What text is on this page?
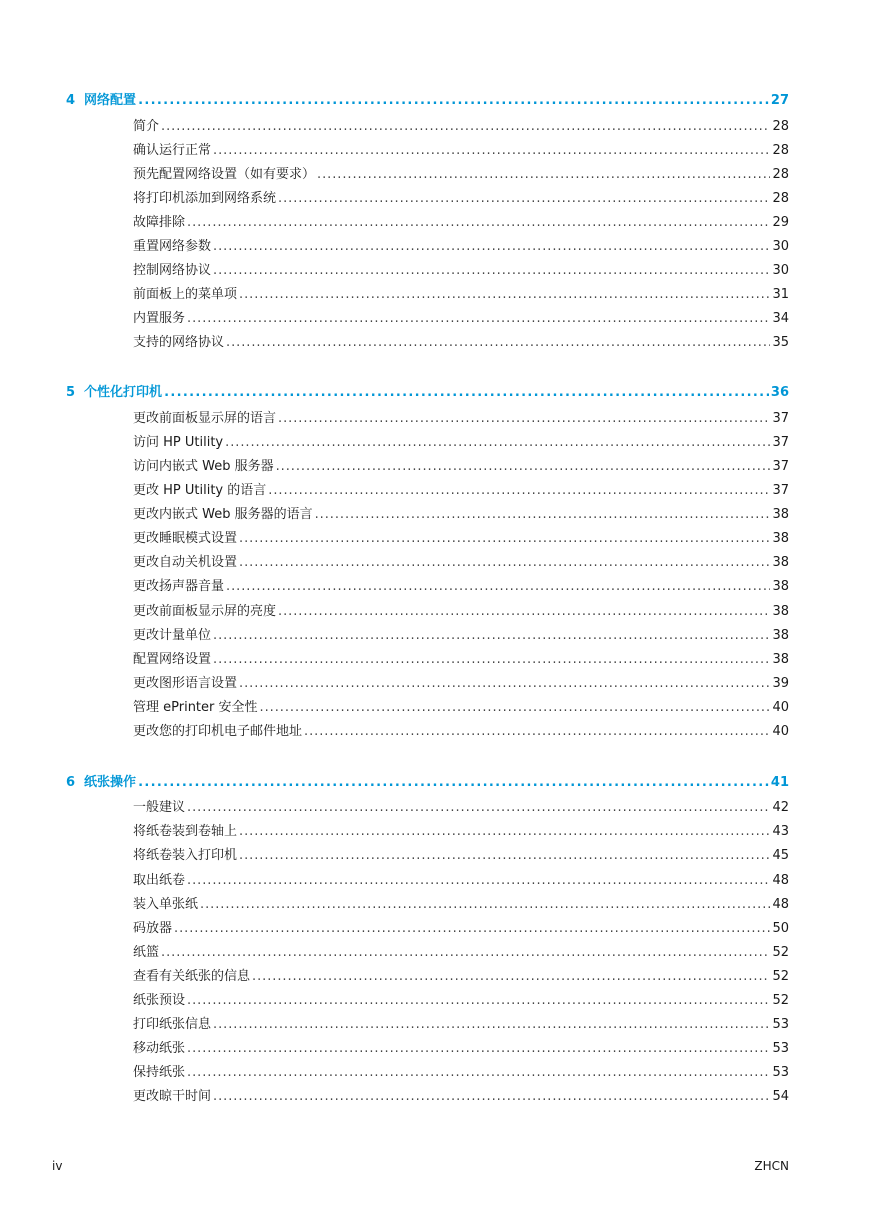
4 网络配置 . . .	27
简介 . . .	28
确认运行正常 . . .	28
预先配置网络设置（如有要求） . . .	28
将打印机添加到网络系统 . . .	28
故障排除 . . .	29
重置网络参数 . . .	30
控制网络协议 . . .	30
前面板上的菜单项 . . .	31
内置服务 . . .	34
支持的网络协议 . . .	35
5 个性化打印机 . . .	36
更改前面板显示屏的语言 . . .	37
访问 HP Utility . . .	37
访问内嵌式 Web 服务器 . . .	37
更改 HP Utility 的语言 . . .	37
更改内嵌式 Web 服务器的语言 . . .	38
更改睡眠模式设置 . . .	38
更改自动关机设置 . . .	38
更改扬声器音量 . . .	38
更改前面板显示屏的亮度 . . .	38
更改计量单位 . . .	38
配置网络设置 . . .	38
更改图形语言设置 . . .	39
管理 ePrinter 安全性 . . .	40
更改您的打印机电子邮件地址 . . .	40
6 纸张操作 . . .	41
一般建议 . . .	42
将纸卷装到卷轴上 . . .	43
将纸卷装入打印机 . . .	45
取出纸卷 . . .	48
装入单张纸 . . .	48
码放器 . . .	50
纸篮 . . .	52
查看有关纸张的信息 . . .	52
纸张预设 . . .	52
打印纸张信息 . . .	53
移动纸张 . . .	53
保持纸张 . . .	53
更改晾干时间 . . .	54
iv	ZHCN
